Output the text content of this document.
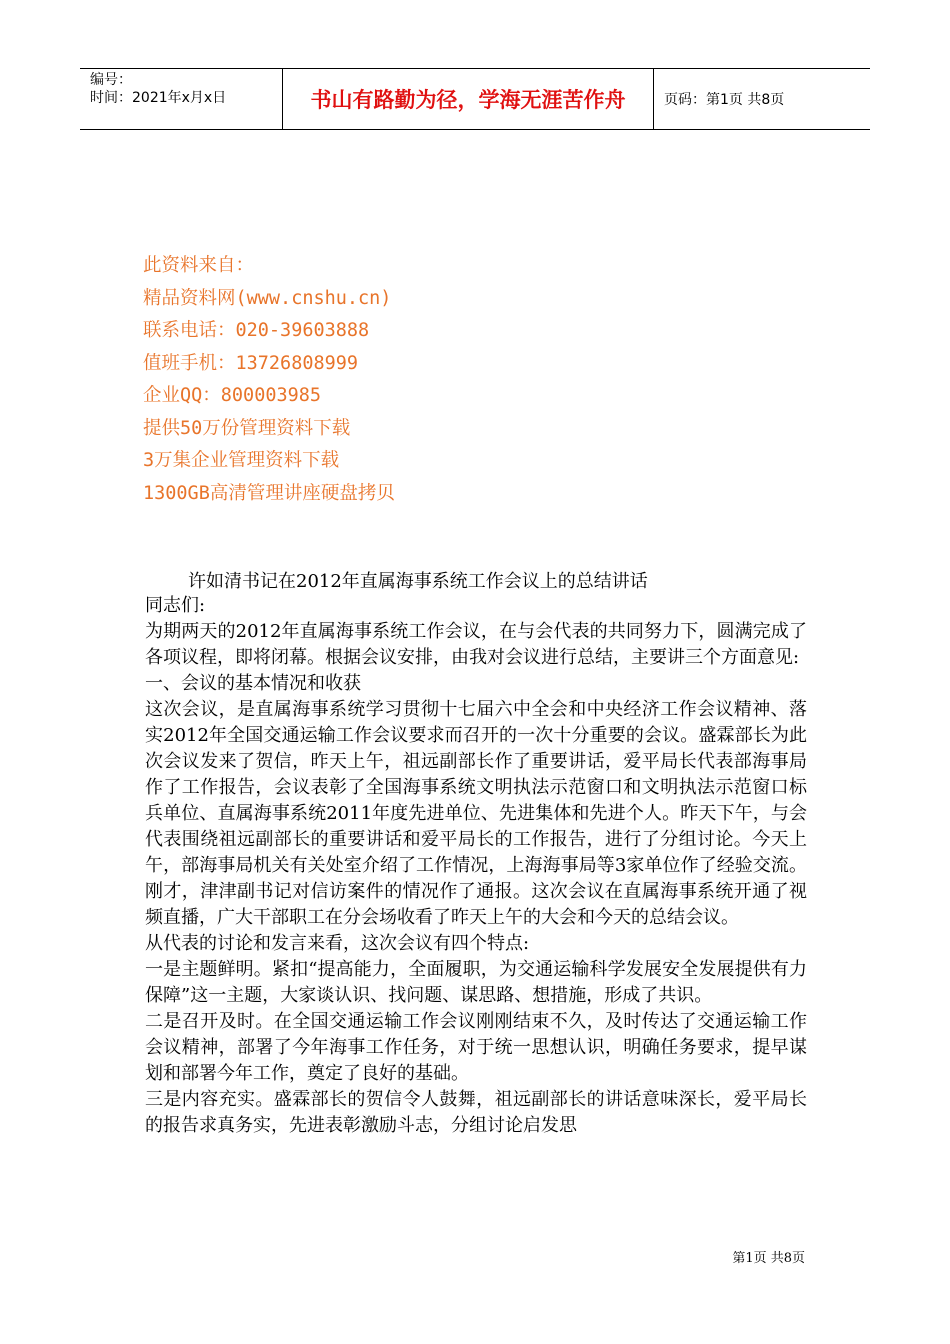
编号：
时间：2021年x月x日	书山有路勤为径，学海无涯苦作舟	页码：第1页 共8页
此资料来自：
精品资料网(www.cnshu.cn)
联系电话：020-39603888
值班手机：13726808999
企业QQ：800003985
提供50万份管理资料下载
3万集企业管理资料下载
1300GB高清管理讲座硬盘拷贝
许如清书记在2012年直属海事系统工作会议上的总结讲话

同志们:

为期两天的2012年直属海事系统工作会议，在与会代表的共同努力下，圆满完成了各项议程，即将闭幕。根据会议安排，由我对会议进行总结，主要讲三个方面意见:

一、会议的基本情况和收获

这次会议，是直属海事系统学习贯彻十七届六中全会和中央经济工作会议精神、落实2012年全国交通运输工作会议要求而召开的一次十分重要的会议。盛霖部长为此次会议发来了贺信，昨天上午，祖远副部长作了重要讲话，爱平局长代表部海事局作了工作报告，会议表彰了全国海事系统文明执法示范窗口和文明执法示范窗口标兵单位、直属海事系统2011年度先进单位、先进集体和先进个人。昨天下午，与会代表围绕祖远副部长的重要讲话和爱平局长的工作报告，进行了分组讨论。今天上午，部海事局机关有关处室介绍了工作情况，上海海事局等3家单位作了经验交流。刚才，津津副书记对信访案件的情况作了通报。这次会议在直属海事系统开通了视频直播，广大干部职工在分会场收看了昨天上午的大会和今天的总结会议。

从代表的讨论和发言来看，这次会议有四个特点:

一是主题鲜明。紧扣“提高能力，全面履职，为交通运输科学发展安全发展提供有力保障”这一主题，大家谈认识、找问题、谋思路、想措施，形成了共识。

二是召开及时。在全国交通运输工作会议刚刚结束不久，及时传达了交通运输工作会议精神，部署了今年海事工作任务，对于统一思想认识，明确任务要求，提早谋划和部署今年工作，奠定了良好的基础。

三是内容充实。盛霖部长的贺信令人鼓舞，祖远副部长的讲话意味深长，爱平局长的报告求真务实，先进表彰激励斗志，分组讨论启发思

第1页 共8页
